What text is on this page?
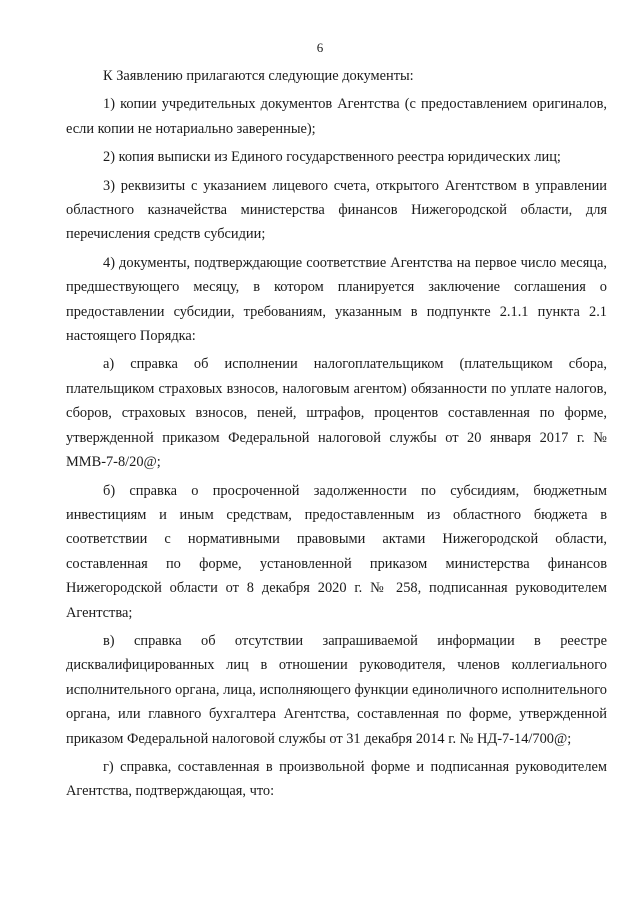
6

К Заявлению прилагаются следующие документы:

1) копии учредительных документов Агентства (с предоставлением оригиналов, если копии не нотариально заверенные);

2) копия выписки из Единого государственного реестра юридических лиц;

3) реквизиты с указанием лицевого счета, открытого Агентством в управлении областного казначейства министерства финансов Нижегородской области, для перечисления средств субсидии;

4) документы, подтверждающие соответствие Агентства на первое число месяца, предшествующего месяцу, в котором планируется заключение соглашения о предоставлении субсидии, требованиям, указанным в подпункте 2.1.1 пункта 2.1 настоящего Порядка:

а) справка об исполнении налогоплательщиком (плательщиком сбора, плательщиком страховых взносов, налоговым агентом) обязанности по уплате налогов, сборов, страховых взносов, пеней, штрафов, процентов составленная по форме, утвержденной приказом Федеральной налоговой службы от 20 января 2017 г. № ММВ-7-8/20@;

б) справка о просроченной задолженности по субсидиям, бюджетным инвестициям и иным средствам, предоставленным из областного бюджета в соответствии с нормативными правовыми актами Нижегородской области, составленная по форме, установленной приказом министерства финансов Нижегородской области от 8 декабря 2020 г. № 258, подписанная руководителем Агентства;

в) справка об отсутствии запрашиваемой информации в реестре дисквалифицированных лиц в отношении руководителя, членов коллегиального исполнительного органа, лица, исполняющего функции единоличного исполнительного органа, или главного бухгалтера Агентства, составленная по форме, утвержденной приказом Федеральной налоговой службы от 31 декабря 2014 г. № НД-7-14/700@;

г) справка, составленная в произвольной форме и подписанная руководителем Агентства, подтверждающая, что:
